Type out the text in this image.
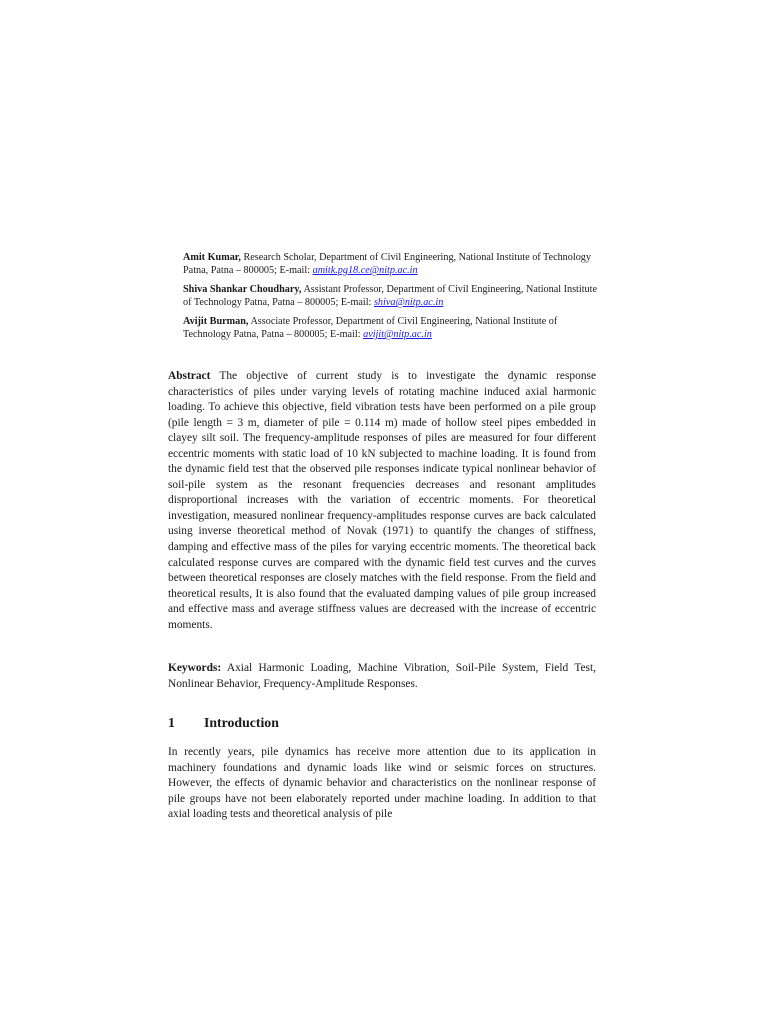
Amit Kumar, Research Scholar, Department of Civil Engineering, National Institute of Technology Patna, Patna – 800005; E-mail: amitk.pg18.ce@nitp.ac.in

Shiva Shankar Choudhary, Assistant Professor, Department of Civil Engineering, National Institute of Technology Patna, Patna – 800005; E-mail: shiva@nitp.ac.in

Avijit Burman, Associate Professor, Department of Civil Engineering, National Institute of Technology Patna, Patna – 800005; E-mail: avijit@nitp.ac.in

Abstract The objective of current study is to investigate the dynamic response characteristics of piles under varying levels of rotating machine induced axial harmonic loading. To achieve this objective, field vibration tests have been performed on a pile group (pile length = 3 m, diameter of pile = 0.114 m) made of hollow steel pipes embedded in clayey silt soil. The frequency-amplitude responses of piles are measured for four different eccentric moments with static load of 10 kN subjected to machine loading. It is found from the dynamic field test that the observed pile responses indicate typical nonlinear behavior of soil-pile system as the resonant frequencies decreases and resonant amplitudes disproportional increases with the variation of eccentric moments. For theoretical investigation, measured nonlinear frequency-amplitudes response curves are back calculated using inverse theoretical method of Novak (1971) to quantify the changes of stiffness, damping and effective mass of the piles for varying eccentric moments. The theoretical back calculated response curves are compared with the dynamic field test curves and the curves between theoretical responses are closely matches with the field response. From the field and theoretical results, It is also found that the evaluated damping values of pile group increased and effective mass and average stiffness values are decreased with the increase of eccentric moments.
Keywords: Axial Harmonic Loading, Machine Vibration, Soil-Pile System, Field Test, Nonlinear Behavior, Frequency-Amplitude Responses.
1 Introduction
In recently years, pile dynamics has receive more attention due to its application in machinery foundations and dynamic loads like wind or seismic forces on structures. However, the effects of dynamic behavior and characteristics on the nonlinear response of pile groups have not been elaborately reported under machine loading. In addition to that axial loading tests and theoretical analysis of pile
